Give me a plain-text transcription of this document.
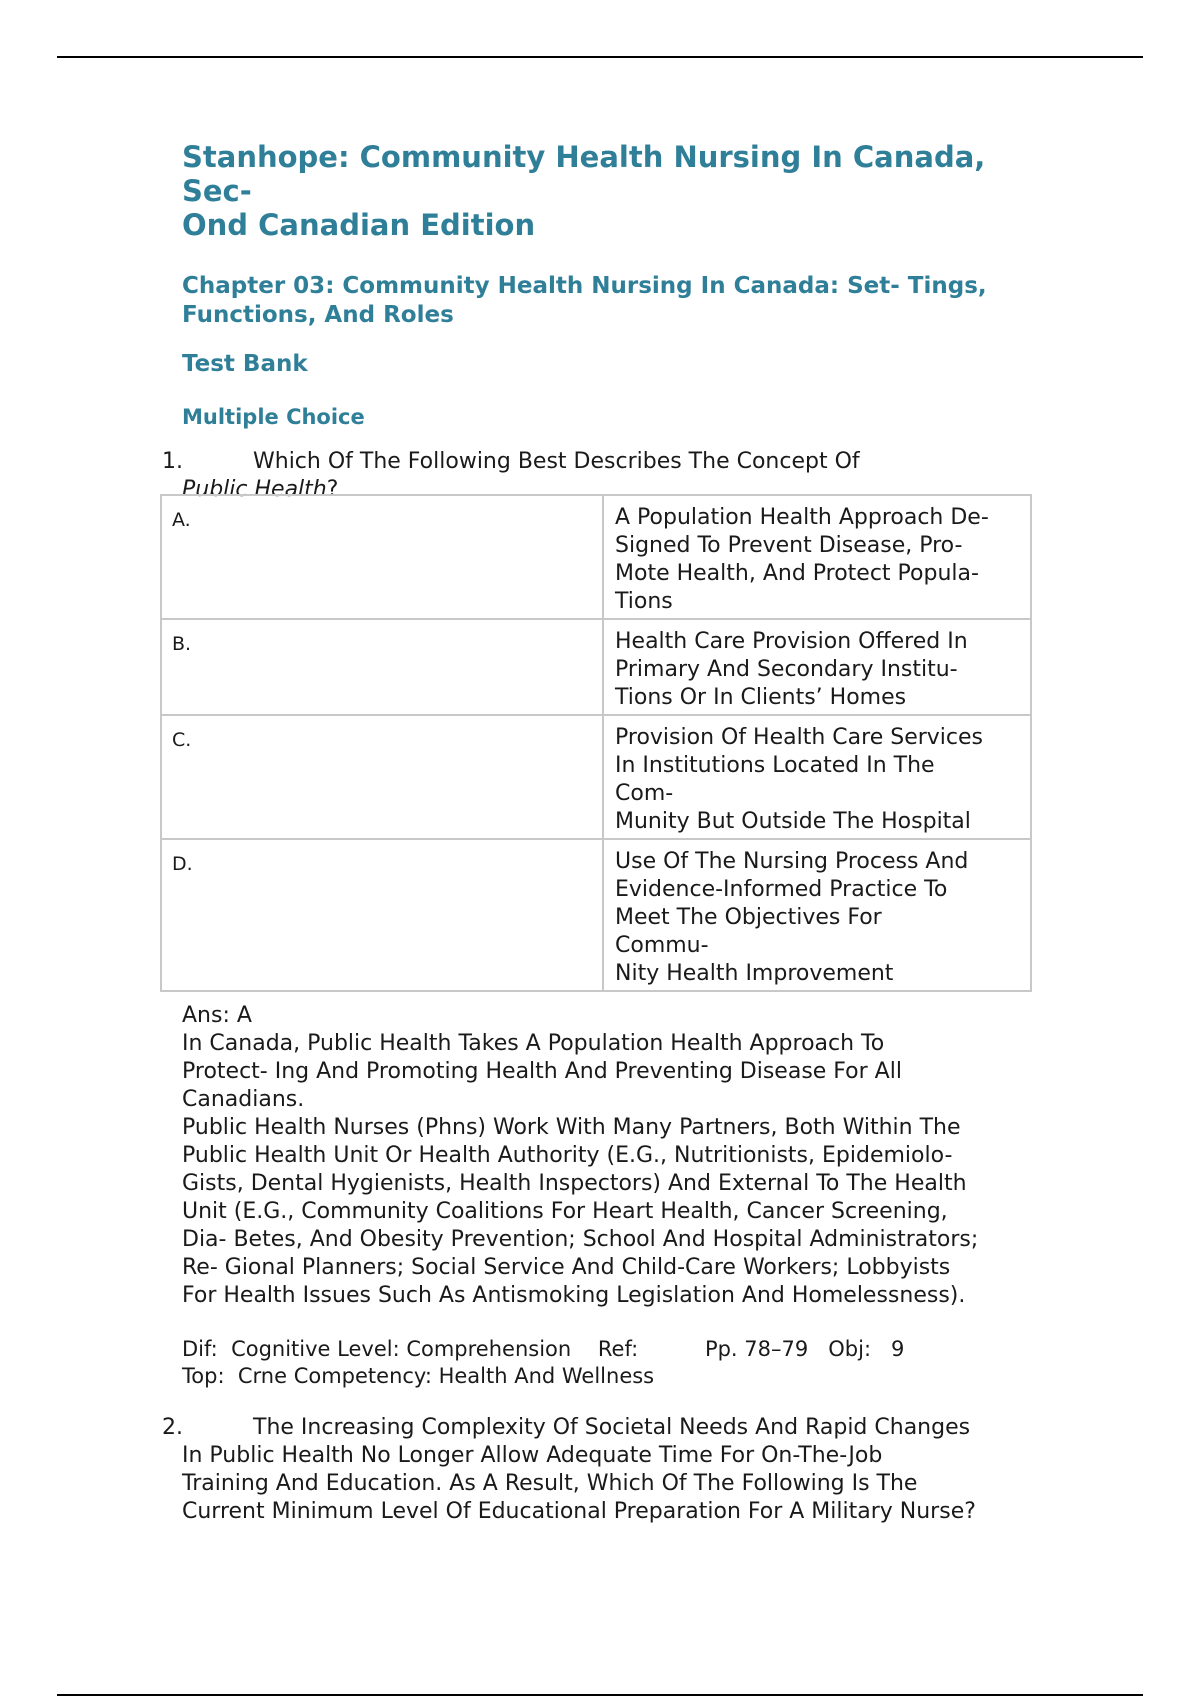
Stanhope: Community Health Nursing In Canada, Sec-
Ond Canadian Edition
Chapter 03: Community Health Nursing In Canada: Set- Tings,
Functions, And Roles
Test Bank
Multiple Choice
1.	Which Of The Following Best Describes The Concept Of
Public Health?
A.	A Population Health Approach De-
Signed To Prevent Disease, Pro-
Mote Health, And Protect Popula-
Tions

B.	Health Care Provision Offered In
Primary And Secondary Institu-
Tions Or In Clients’ Homes

C.	Provision Of Health Care Services
In Institutions Located In The
Com-
Munity But Outside The Hospital

D.	Use Of The Nursing Process And
Evidence-Informed Practice To
Meet The Objectives For
Commu-
Nity Health Improvement

Ans: A

In Canada, Public Health Takes A Population Health Approach To
Protect- Ing And Promoting Health And Preventing Disease For All
Canadians.
Public Health Nurses (Phns) Work With Many Partners, Both Within The
Public Health Unit Or Health Authority (E.G., Nutritionists, Epidemiolo-
Gists, Dental Hygienists, Health Inspectors) And External To The Health
Unit (E.G., Community Coalitions For Heart Health, Cancer Screening,
Dia- Betes, And Obesity Prevention; School And Hospital Administrators;
Re- Gional Planners; Social Service And Child-Care Workers; Lobbyists
For Health Issues Such As Antismoking Legislation And Homelessness).
Dif:  Cognitive Level: Comprehension    Ref:          Pp. 78–79   Obj:   9
Top:  Crne Competency: Health And Wellness
2.	The Increasing Complexity Of Societal Needs And Rapid Changes
In Public Health No Longer Allow Adequate Time For On-The-Job
Training And Education. As A Result, Which Of The Following Is The
Current Minimum Level Of Educational Preparation For A Military Nurse?
